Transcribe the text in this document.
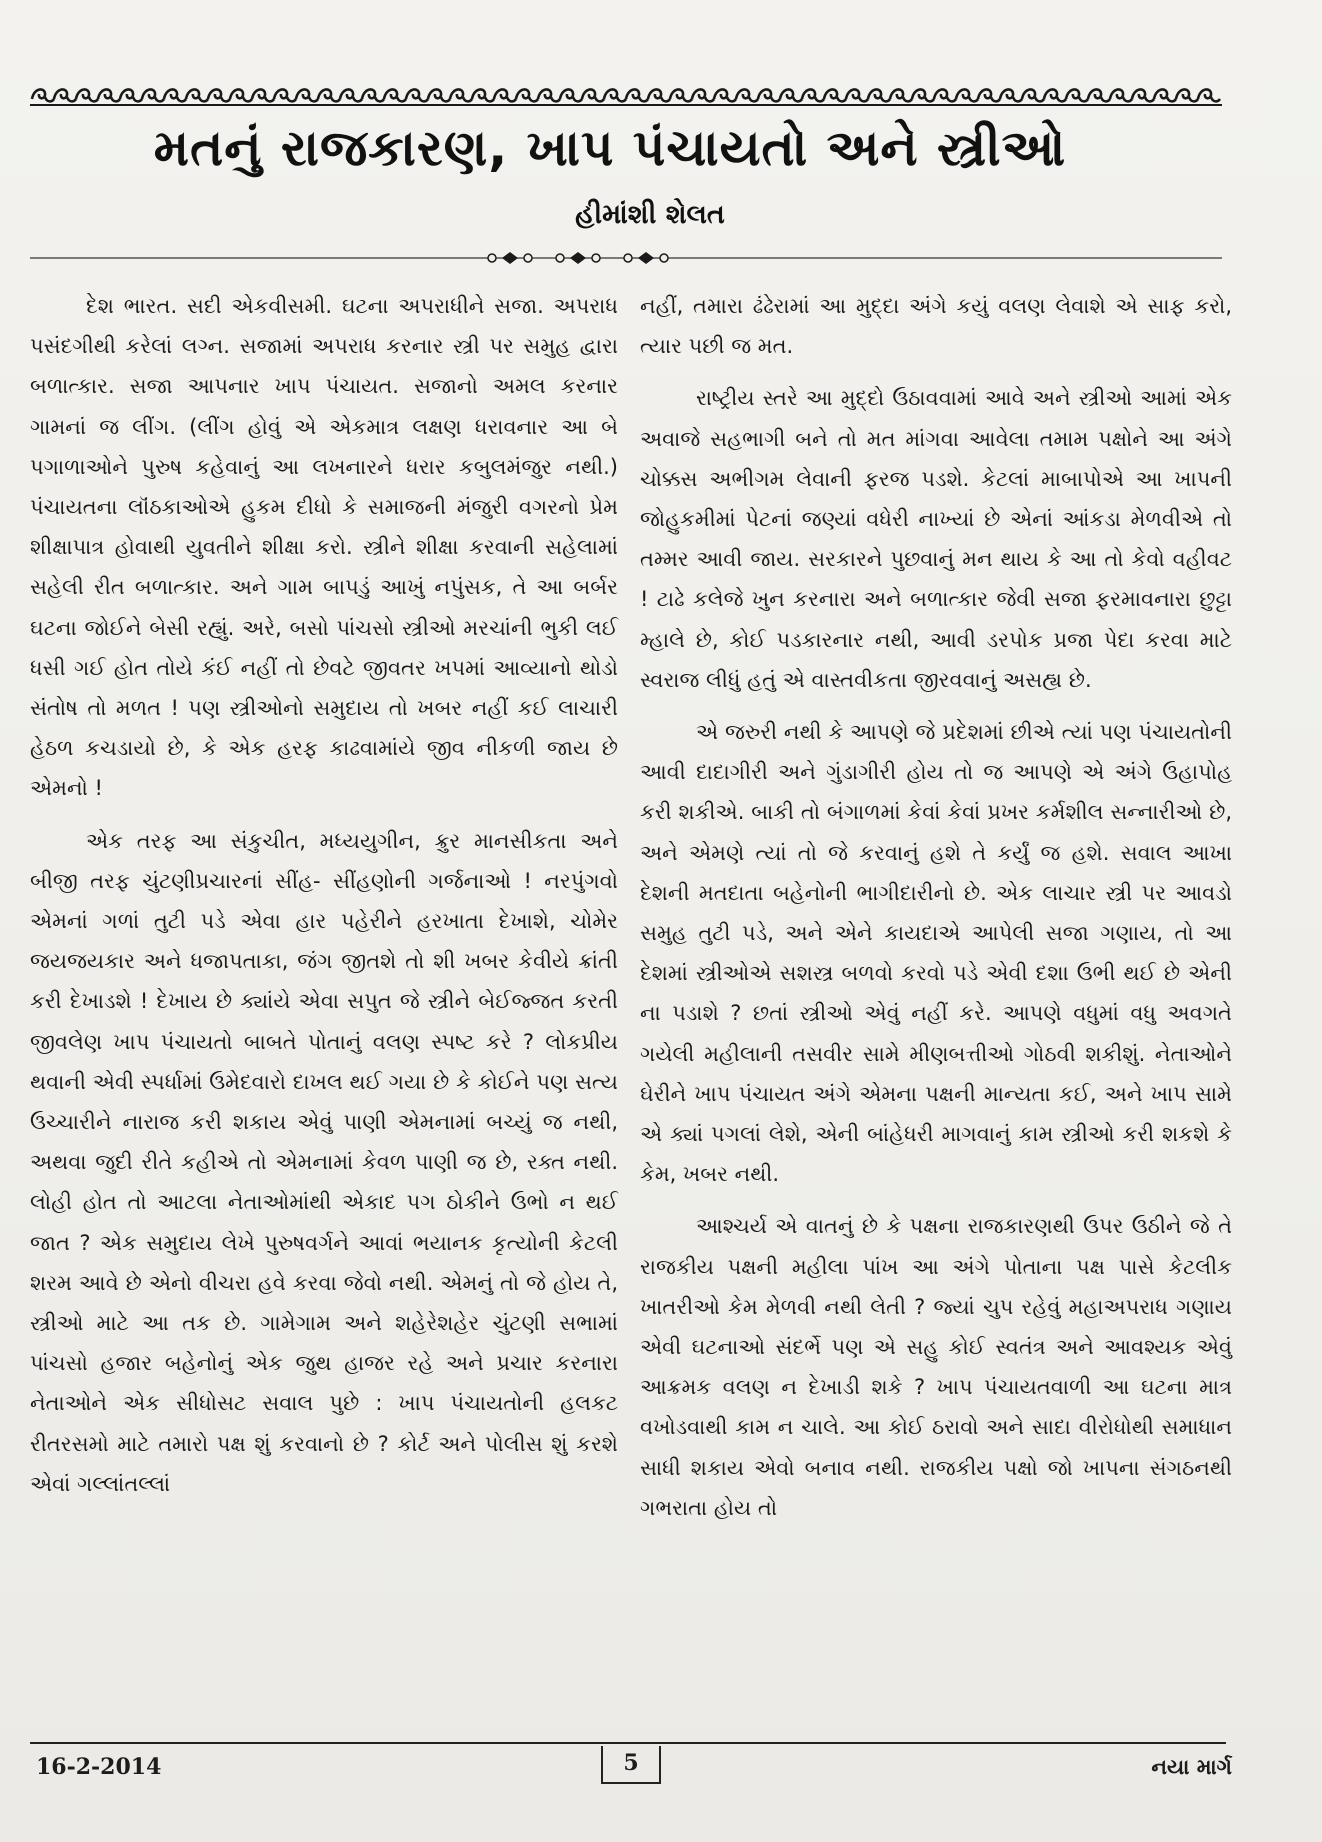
મતનું રાજકારણ, ખાપ પંચાયતો અને સ્ત્રીઓ
હીમાંશી શેલત

દેશ ભારત. સદી એકવીસમી. ઘટના અપરાધીને સજા. અપરાધ પસંદગીથી કરેલાં લગ્ન. સજામાં અપરાધ કરનાર સ્ત્રી પર સમુહ દ્વારા બળાત્કાર. સજા આપનાર ખાપ પંચાયત. સજાનો અમલ કરનાર ગામનાં જ લીંગ. (લીંગ હોવું એ એકમાત્ર લક્ષણ ધરાવનાર આ બે પગાળાઓને પુરુષ કહેવાનું આ લખનારને ધરાર કબુલમંજુર નથી.) પંચાયતના લૉંઠકાઓએ હુકમ દીધો કે સમાજની મંજુરી વગરનો પ્રેમ શીક્ષાપાત્ર હોવાથી યુવતીને શીક્ષા કરો. સ્ત્રીને શીક્ષા કરવાની સહેલામાં સહેલી રીત બળાત્કાર. અને ગામ બાપડું આખું નપુંસક, તે આ બર્બર ઘટના જોઈને બેસી રહ્યું. અરે, બસો પાંચસો સ્ત્રીઓ મરચાંની ભુકી લઈ ધસી ગઈ હોત તોયે કંઈ નહીં તો છેવટે જીવતર ખપમાં આવ્યાનો થોડો સંતોષ તો મળત ! પણ સ્ત્રીઓનો સમુદાય તો ખબર નહીં કઈ લાચારી હેઠળ કચડાયો છે, કે એક હરફ કાઢવામાંયે જીવ નીકળી જાય છે એમનો !

એક તરફ આ સંકુચીત, મધ્યયુગીન, ક્રુર માનસીકતા અને બીજી તરફ ચુંટણીપ્રચારનાં સીંહ- સીંહણોની ગર્જનાઓ ! નરપુંગવો એમનાં ગળાં તુટી પડે એવા હાર પહેરીને હરખાતા દેખાશે, ચોમેર જયજયકાર અને ધજાપતાકા, જંગ જીતશે તો શી ખબર કેવીયે ક્રાંતી કરી દેખાડશે ! દેખાય છે ક્યાંયે એવા સપુત જે સ્ત્રીને બેઈજ્જત કરતી જીવલેણ ખાપ પંચાયતો બાબતે પોતાનું વલણ સ્પષ્ટ કરે ? લોકપ્રીય થવાની એવી સ્પર્ધામાં ઉમેદવારો દાખલ થઈ ગયા છે કે કોઈને પણ સત્ય ઉચ્ચારીને નારાજ કરી શકાય એવું પાણી એમનામાં બચ્યું જ નથી, અથવા જુદી રીતે કહીએ તો એમનામાં કેવળ પાણી જ છે, રક્ત નથી. લોહી હોત તો આટલા નેતાઓમાંથી એકાદ પગ ઠોકીને ઉભો ન થઈ જાત ? એક સમુદાય લેખે પુરુષવર્ગને આવાં ભયાનક કૃત્યોની કેટલી શરમ આવે છે એનો વીચરા હવે કરવા જેવો નથી. એમનું તો જે હોય તે, સ્ત્રીઓ માટે આ તક છે. ગામેગામ અને શહેરેશહેર ચુંટણી સભામાં પાંચસો હજાર બહેનોનું એક જુથ હાજર રહે અને પ્રચાર કરનારા નેતાઓને એક સીધોસટ સવાલ પુછે : ખાપ પંચાયતોની હલકટ રીતરસમો માટે તમારો પક્ષ શું કરવાનો છે ? કોર્ટ અને પોલીસ શું કરશે એવાં ગલ્લાંતલ્લાં

નહીં, તમારા ઢંઢેરામાં આ મુદ્દા અંગે કયું વલણ લેવાશે એ સાફ કરો, ત્યાર પછી જ મત.

રાષ્ટ્રીય સ્તરે આ મુદ્દો ઉઠાવવામાં આવે અને સ્ત્રીઓ આમાં એક અવાજે સહભાગી બને તો મત માંગવા આવેલા તમામ પક્ષોને આ અંગે ચોક્કસ અભીગમ લેવાની ફરજ પડશે. કેટલાં માબાપોએ આ ખાપની જોહુકમીમાં પેટનાં જણ્યાં વધેરી નાખ્યાં છે એનાં આંકડા મેળવીએ તો તમ્મર આવી જાય. સરકારને પુછવાનું મન થાય કે આ તો કેવો વહીવટ ! ટાઢે કલેજે ખુન કરનારા અને બળાત્કાર જેવી સજા ફરમાવનારા છુટ્ટા મ્હાલે છે, કોઈ પડકારનાર નથી, આવી ડરપોક પ્રજા પેદા કરવા માટે સ્વરાજ લીધું હતું એ વાસ્તવીકતા જીરવવાનું અસહ્ય છે.

એ જરુરી નથી કે આપણે જે પ્રદેશમાં છીએ ત્યાં પણ પંચાયતોની આવી દાદાગીરી અને ગુંડાગીરી હોય તો જ આપણે એ અંગે ઉહાપોહ કરી શકીએ. બાકી તો બંગાળમાં કેવાં કેવાં પ્રખર કર્મશીલ સન્નારીઓ છે, અને એમણે ત્યાં તો જે કરવાનું હશે તે કર્યું જ હશે. સવાલ આખા દેશની મતદાતા બહેનોની ભાગીદારીનો છે. એક લાચાર સ્ત્રી પર આવડો સમુહ તુટી પડે, અને એને કાયદાએ આપેલી સજા ગણાય, તો આ દેશમાં સ્ત્રીઓએ સશસ્ત્ર બળવો કરવો પડે એવી દશા ઉભી થઈ છે એની ના પડાશે ? છતાં સ્ત્રીઓ એવું નહીં કરે. આપણે વધુમાં વધુ અવગતે ગયેલી મહીલાની તસવીર સામે મીણબત્તીઓ ગોઠવી શકીશું. નેતાઓને ઘેરીને ખાપ પંચાયત અંગે એમના પક્ષની માન્યતા કઈ, અને ખાપ સામે એ ક્યાં પગલાં લેશે, એની બાંહેધરી માગવાનું કામ સ્ત્રીઓ કરી શકશે કે કેમ, ખબર નથી.

આશ્ચર્ય એ વાતનું છે કે પક્ષના રાજકારણથી ઉપર ઉઠીને જે તે રાજકીય પક્ષની મહીલા પાંખ આ અંગે પોતાના પક્ષ પાસે કેટલીક ખાતરીઓ કેમ મેળવી નથી લેતી ? જ્યાં ચુપ રહેવું મહાઅપરાધ ગણાય એવી ઘટનાઓ સંદર્ભે પણ એ સહુ કોઈ સ્વતંત્ર અને આવશ્યક એવું આક્રમક વલણ ન દેખાડી શકે ? ખાપ પંચાયતવાળી આ ઘટના માત્ર વખોડવાથી કામ ન ચાલે. આ કોઈ ઠરાવો અને સાદા વીરોધોથી સમાધાન સાધી શકાય એવો બનાવ નથી. રાજકીય પક્ષો જો ખાપના સંગઠનથી ગભરાતા હોય તો

16-2-2014	5	નયા માર્ગ
